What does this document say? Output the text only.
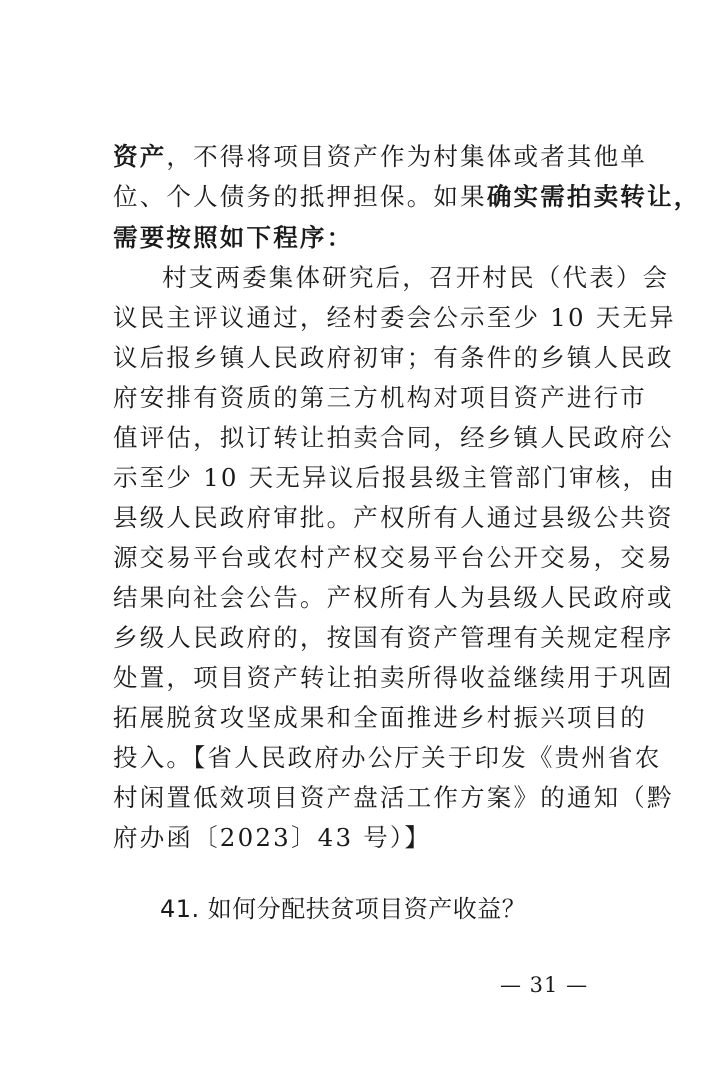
资产，不得将项目资产作为村集体或者其他单
位、个人债务的抵押担保。如果确实需拍卖转让，
需要按照如下程序：
村支两委集体研究后，召开村民（代表）会
议民主评议通过，经村委会公示至少 10 天无异
议后报乡镇人民政府初审；有条件的乡镇人民政
府安排有资质的第三方机构对项目资产进行市
值评估，拟订转让拍卖合同，经乡镇人民政府公
示至少 10 天无异议后报县级主管部门审核，由
县级人民政府审批。产权所有人通过县级公共资
源交易平台或农村产权交易平台公开交易，交易
结果向社会公告。产权所有人为县级人民政府或
乡级人民政府的，按国有资产管理有关规定程序
处置，项目资产转让拍卖所得收益继续用于巩固
拓展脱贫攻坚成果和全面推进乡村振兴项目的
投入。【省人民政府办公厅关于印发《贵州省农
村闲置低效项目资产盘活工作方案》的通知（黔
府办函〔2023〕43 号）】
41. 如何分配扶贫项目资产收益？
— 31 —
